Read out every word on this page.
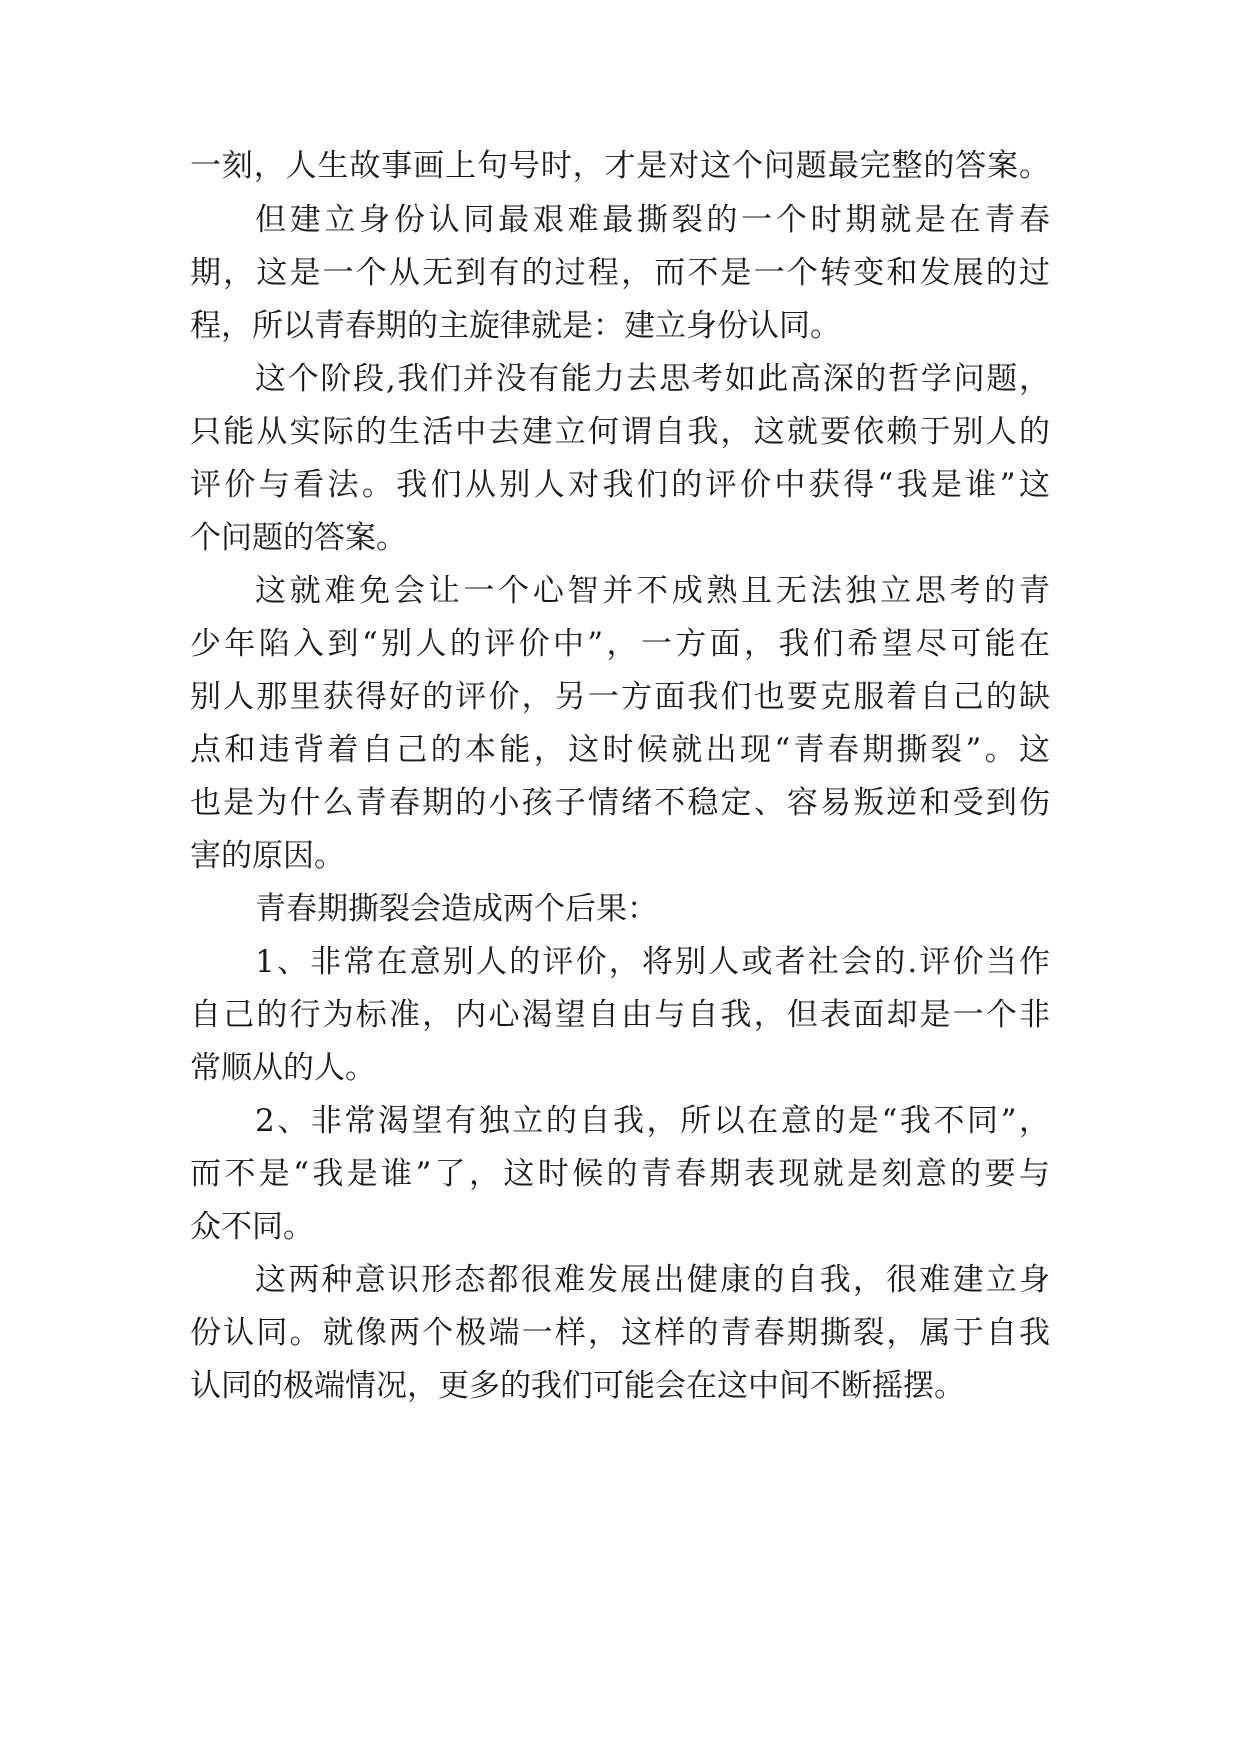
一刻，人生故事画上句号时，才是对这个问题最完整的答案。
但建立身份认同最艰难最撕裂的一个时期就是在青春
期，这是一个从无到有的过程，而不是一个转变和发展的过
程，所以青春期的主旋律就是：建立身份认同。
这个阶段,我们并没有能力去思考如此高深的哲学问题，
只能从实际的生活中去建立何谓自我，这就要依赖于别人的
评价与看法。我们从别人对我们的评价中获得“我是谁”这
个问题的答案。
这就难免会让一个心智并不成熟且无法独立思考的青
少年陷入到“别人的评价中”，一方面，我们希望尽可能在
别人那里获得好的评价，另一方面我们也要克服着自己的缺
点和违背着自己的本能，这时候就出现“青春期撕裂”。这
也是为什么青春期的小孩子情绪不稳定、容易叛逆和受到伤
害的原因。
青春期撕裂会造成两个后果：
1、非常在意别人的评价，将别人或者社会的.评价当作
自己的行为标准，内心渴望自由与自我，但表面却是一个非
常顺从的人。
2、非常渴望有独立的自我，所以在意的是“我不同”，
而不是“我是谁”了，这时候的青春期表现就是刻意的要与
众不同。
这两种意识形态都很难发展出健康的自我，很难建立身
份认同。就像两个极端一样，这样的青春期撕裂，属于自我
认同的极端情况，更多的我们可能会在这中间不断摇摆。
